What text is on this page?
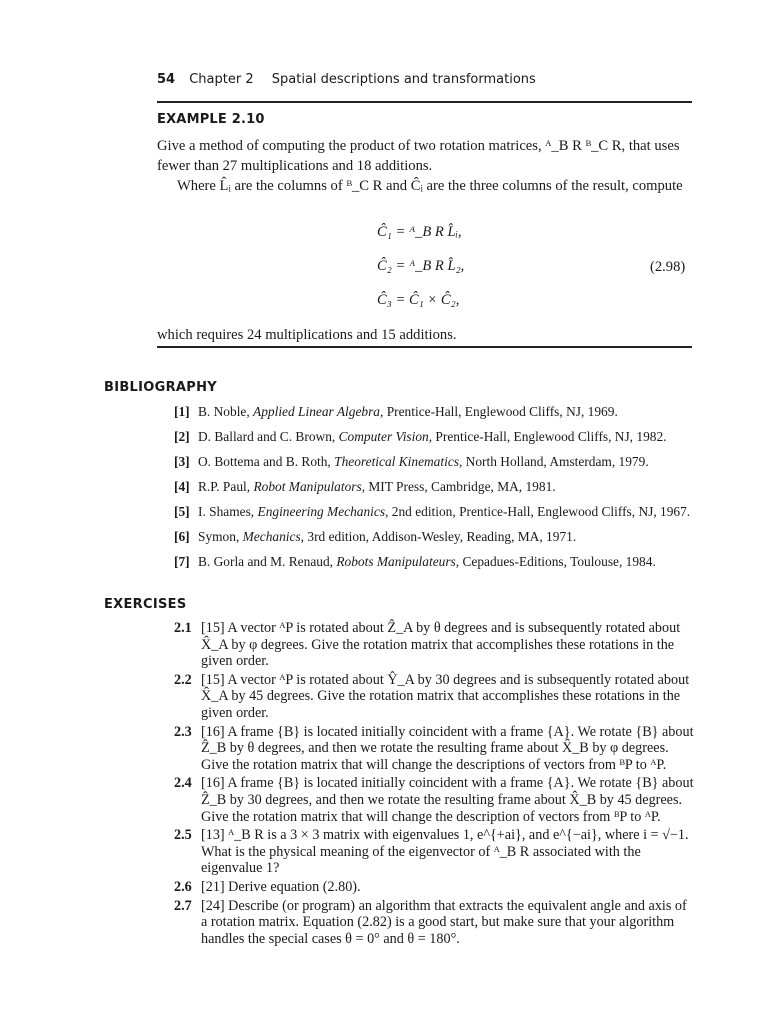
54 Chapter 2 Spatial descriptions and transformations
EXAMPLE 2.10
Give a method of computing the product of two rotation matrices, ᴬ_B R ᴮ_C R, that uses fewer than 27 multiplications and 18 additions.
Where L̂ᵢ are the columns of ᴮ_C R and Ĉᵢ are the three columns of the result, compute
Ĉ₁ = ᴬ_B R L̂ᵢ,
Ĉ₂ = ᴬ_B R L̂₂,
Ĉ₃ = Ĉ₁ × Ĉ₂,
(2.98)
which requires 24 multiplications and 15 additions.
BIBLIOGRAPHY
[1] B. Noble, Applied Linear Algebra, Prentice-Hall, Englewood Cliffs, NJ, 1969.
[2] D. Ballard and C. Brown, Computer Vision, Prentice-Hall, Englewood Cliffs, NJ, 1982.
[3] O. Bottema and B. Roth, Theoretical Kinematics, North Holland, Amsterdam, 1979.
[4] R.P. Paul, Robot Manipulators, MIT Press, Cambridge, MA, 1981.
[5] I. Shames, Engineering Mechanics, 2nd edition, Prentice-Hall, Englewood Cliffs, NJ, 1967.
[6] Symon, Mechanics, 3rd edition, Addison-Wesley, Reading, MA, 1971.
[7] B. Gorla and M. Renaud, Robots Manipulateurs, Cepadues-Editions, Toulouse, 1984.
EXERCISES
2.1 [15] A vector ᴬP is rotated about Ẑ_A by θ degrees and is subsequently rotated about X̂_A by φ degrees. Give the rotation matrix that accomplishes these rotations in the given order.
2.2 [15] A vector ᴬP is rotated about Ŷ_A by 30 degrees and is subsequently rotated about X̂_A by 45 degrees. Give the rotation matrix that accomplishes these rotations in the given order.
2.3 [16] A frame {B} is located initially coincident with a frame {A}. We rotate {B} about Ẑ_B by θ degrees, and then we rotate the resulting frame about X̂_B by φ degrees. Give the rotation matrix that will change the descriptions of vectors from ᴮP to ᴬP.
2.4 [16] A frame {B} is located initially coincident with a frame {A}. We rotate {B} about Ẑ_B by 30 degrees, and then we rotate the resulting frame about X̂_B by 45 degrees. Give the rotation matrix that will change the description of vectors from ᴮP to ᴬP.
2.5 [13] ᴬ_B R is a 3 × 3 matrix with eigenvalues 1, e^{+ai}, and e^{−ai}, where i = √−1. What is the physical meaning of the eigenvector of ᴬ_B R associated with the eigenvalue 1?
2.6 [21] Derive equation (2.80).
2.7 [24] Describe (or program) an algorithm that extracts the equivalent angle and axis of a rotation matrix. Equation (2.82) is a good start, but make sure that your algorithm handles the special cases θ = 0° and θ = 180°.
